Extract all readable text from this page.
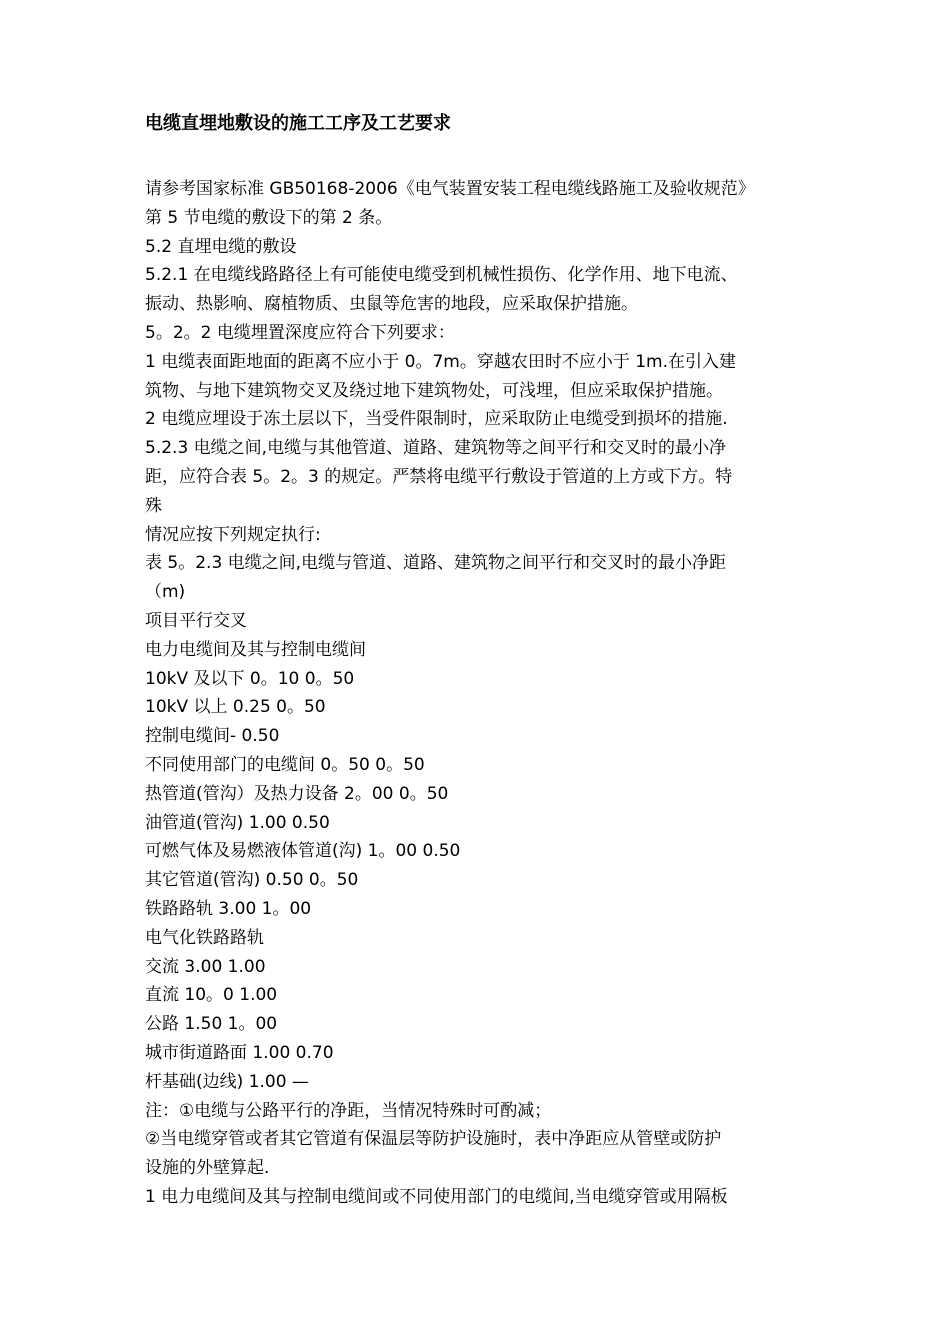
电缆直埋地敷设的施工工序及工艺要求
请参考国家标准 GB50168-2006《电气装置安装工程电缆线路施工及验收规范》
第 5 节电缆的敷设下的第 2 条。
5.2 直埋电缆的敷设
5.2.1 在电缆线路路径上有可能使电缆受到机械性损伤、化学作用、地下电流、
振动、热影响、腐植物质、虫鼠等危害的地段，应采取保护措施。
5。2。2 电缆埋置深度应符合下列要求：
1 电缆表面距地面的距离不应小于 0。7m。穿越农田时不应小于 1m.在引入建
筑物、与地下建筑物交叉及绕过地下建筑物处，可浅埋，但应采取保护措施。
2 电缆应埋设于冻土层以下，当受件限制时，应采取防止电缆受到损坏的措施.
5.2.3 电缆之间,电缆与其他管道、道路、建筑物等之间平行和交叉时的最小净
距，应符合表 5。2。3 的规定。严禁将电缆平行敷设于管道的上方或下方。特
殊
情况应按下列规定执行:
表 5。2.3 电缆之间,电缆与管道、道路、建筑物之间平行和交叉时的最小净距
（m)
项目平行交叉
电力电缆间及其与控制电缆间
10kV 及以下 0。10 0。50
10kV 以上 0.25 0。50
控制电缆间- 0.50
不同使用部门的电缆间 0。50 0。50
热管道(管沟）及热力设备 2。00 0。50
油管道(管沟) 1.00 0.50
可燃气体及易燃液体管道(沟) 1。00 0.50
其它管道(管沟) 0.50 0。50
铁路路轨 3.00 1。00
电气化铁路路轨
交流 3.00 1.00
直流 10。0 1.00
公路 1.50 1。00
城市街道路面 1.00 0.70
杆基础(边线) 1.00 —
注：①电缆与公路平行的净距，当情况特殊时可酌减；
②当电缆穿管或者其它管道有保温层等防护设施时，表中净距应从管壁或防护
设施的外壁算起.
1 电力电缆间及其与控制电缆间或不同使用部门的电缆间,当电缆穿管或用隔板
